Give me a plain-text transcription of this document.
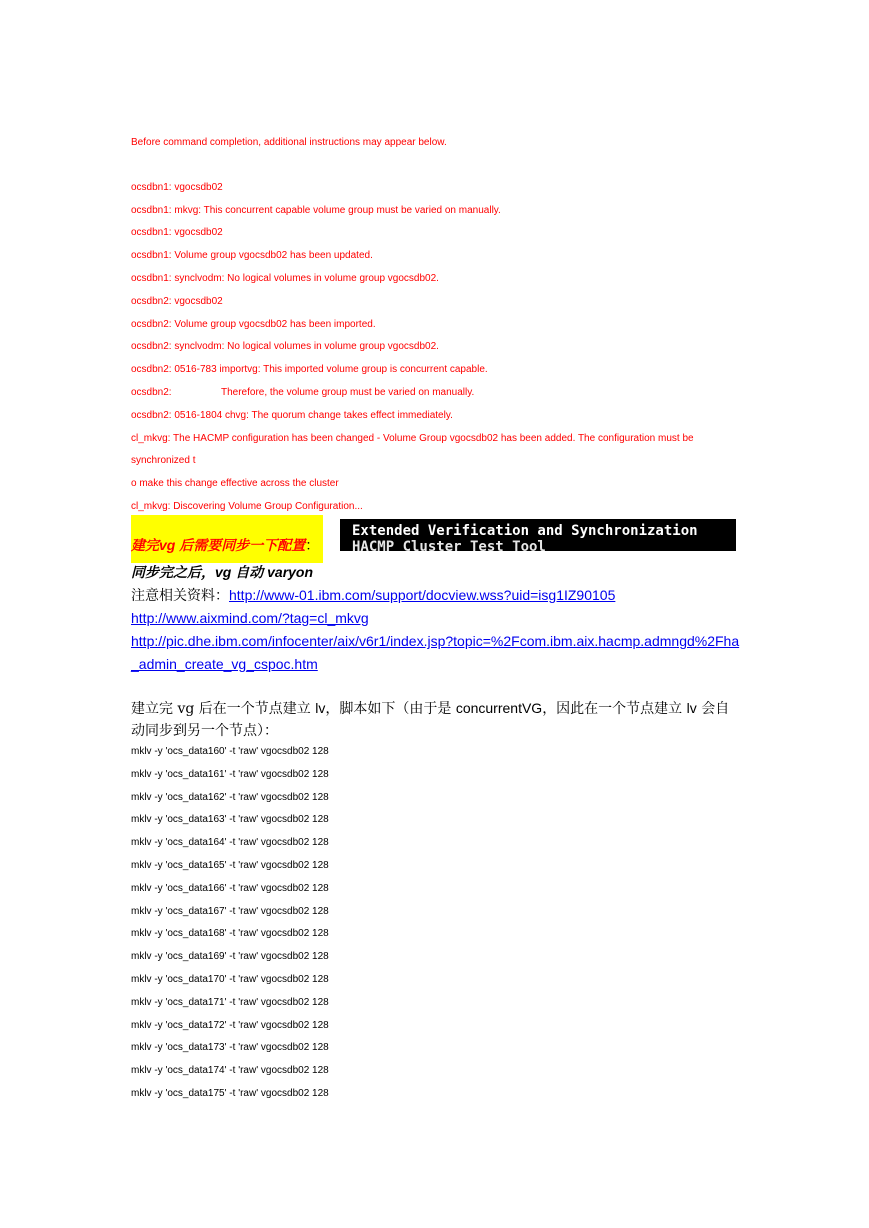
Before command completion, additional instructions may appear below.
ocsdbn1: vgocsdb02
ocsdbn1: mkvg: This concurrent capable volume group must be varied on manually.
ocsdbn1: vgocsdb02
ocsdbn1: Volume group vgocsdb02 has been updated.
ocsdbn1: synclvodm: No logical volumes in volume group vgocsdb02.
ocsdbn2: vgocsdb02
ocsdbn2: Volume group vgocsdb02 has been imported.
ocsdbn2: synclvodm: No logical volumes in volume group vgocsdb02.
ocsdbn2: 0516-783 importvg: This imported volume group is concurrent capable.
ocsdbn2:	Therefore, the volume group must be varied on manually.
ocsdbn2: 0516-1804 chvg: The quorum change takes effect immediately.
cl_mkvg: The HACMP configuration has been changed - Volume Group vgocsdb02 has been added. The configuration must be synchronized t
o make this change effective across the cluster
cl_mkvg: Discovering Volume Group Configuration...
建完vg 后需要同步一下配置：
Extended Verification and Synchronization
HACMP Cluster Test Tool
同步完之后，vg 自动 varyon
注意相关资料：http://www-01.ibm.com/support/docview.wss?uid=isg1IZ90105
http://www.aixmind.com/?tag=cl_mkvg
http://pic.dhe.ibm.com/infocenter/aix/v6r1/index.jsp?topic=%2Fcom.ibm.aix.hacmp.admngd%2Fha_admin_create_vg_cspoc.htm
建立完 vg 后在一个节点建立 lv，脚本如下（由于是 concurrentVG，因此在一个节点建立 lv 会自动同步到另一个节点）：
mklv -y 'ocs_data160' -t 'raw' vgocsdb02 128
mklv -y 'ocs_data161' -t 'raw' vgocsdb02 128
mklv -y 'ocs_data162' -t 'raw' vgocsdb02 128
mklv -y 'ocs_data163' -t 'raw' vgocsdb02 128
mklv -y 'ocs_data164' -t 'raw' vgocsdb02 128
mklv -y 'ocs_data165' -t 'raw' vgocsdb02 128
mklv -y 'ocs_data166' -t 'raw' vgocsdb02 128
mklv -y 'ocs_data167' -t 'raw' vgocsdb02 128
mklv -y 'ocs_data168' -t 'raw' vgocsdb02 128
mklv -y 'ocs_data169' -t 'raw' vgocsdb02 128
mklv -y 'ocs_data170' -t 'raw' vgocsdb02 128
mklv -y 'ocs_data171' -t 'raw' vgocsdb02 128
mklv -y 'ocs_data172' -t 'raw' vgocsdb02 128
mklv -y 'ocs_data173' -t 'raw' vgocsdb02 128
mklv -y 'ocs_data174' -t 'raw' vgocsdb02 128
mklv -y 'ocs_data175' -t 'raw' vgocsdb02 128
